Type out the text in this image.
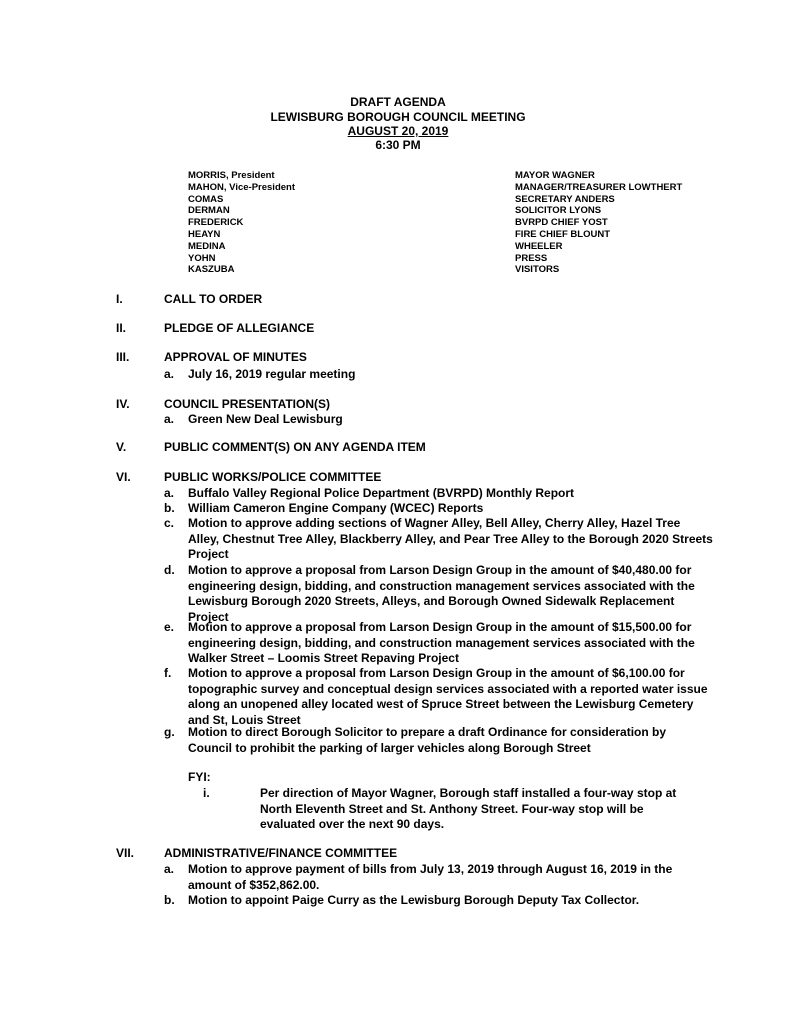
DRAFT AGENDA
LEWISBURG BOROUGH COUNCIL MEETING
AUGUST 20, 2019
6:30 PM
MORRIS, President
MAHON, Vice-President
COMAS
DERMAN
FREDERICK
HEAYN
MEDINA
YOHN
KASZUBA
MAYOR WAGNER
MANAGER/TREASURER LOWTHERT
SECRETARY ANDERS
SOLICITOR LYONS
BVRPD CHIEF YOST
FIRE CHIEF BLOUNT
WHEELER
PRESS
VISITORS
I.	CALL TO ORDER
II.	PLEDGE OF ALLEGIANCE
III.	APPROVAL OF MINUTES
a. July 16, 2019 regular meeting
IV.	COUNCIL PRESENTATION(S)
a. Green New Deal Lewisburg
V.	PUBLIC COMMENT(S) ON ANY AGENDA ITEM
VI.	PUBLIC WORKS/POLICE COMMITTEE
a. Buffalo Valley Regional Police Department (BVRPD) Monthly Report
b. William Cameron Engine Company (WCEC) Reports
c. Motion to approve adding sections of Wagner Alley, Bell Alley, Cherry Alley, Hazel Tree Alley, Chestnut Tree Alley, Blackberry Alley, and Pear Tree Alley to the Borough 2020 Streets Project
d. Motion to approve a proposal from Larson Design Group in the amount of $40,480.00 for engineering design, bidding, and construction management services associated with the Lewisburg Borough 2020 Streets, Alleys, and Borough Owned Sidewalk Replacement Project
e. Motion to approve a proposal from Larson Design Group in the amount of $15,500.00 for engineering design, bidding, and construction management services associated with the Walker Street – Loomis Street Repaving Project
f. Motion to approve a proposal from Larson Design Group in the amount of $6,100.00 for topographic survey and conceptual design services associated with a reported water issue along an unopened alley located west of Spruce Street between the Lewisburg Cemetery and St, Louis Street
g. Motion to direct Borough Solicitor to prepare a draft Ordinance for consideration by Council to prohibit the parking of larger vehicles along Borough Street
FYI:
i.	Per direction of Mayor Wagner, Borough staff installed a four-way stop at North Eleventh Street and St. Anthony Street. Four-way stop will be evaluated over the next 90 days.
VII. ADMINISTRATIVE/FINANCE COMMITTEE
a. Motion to approve payment of bills from July 13, 2019 through August 16, 2019 in the amount of $352,862.00.
b. Motion to appoint Paige Curry as the Lewisburg Borough Deputy Tax Collector.
